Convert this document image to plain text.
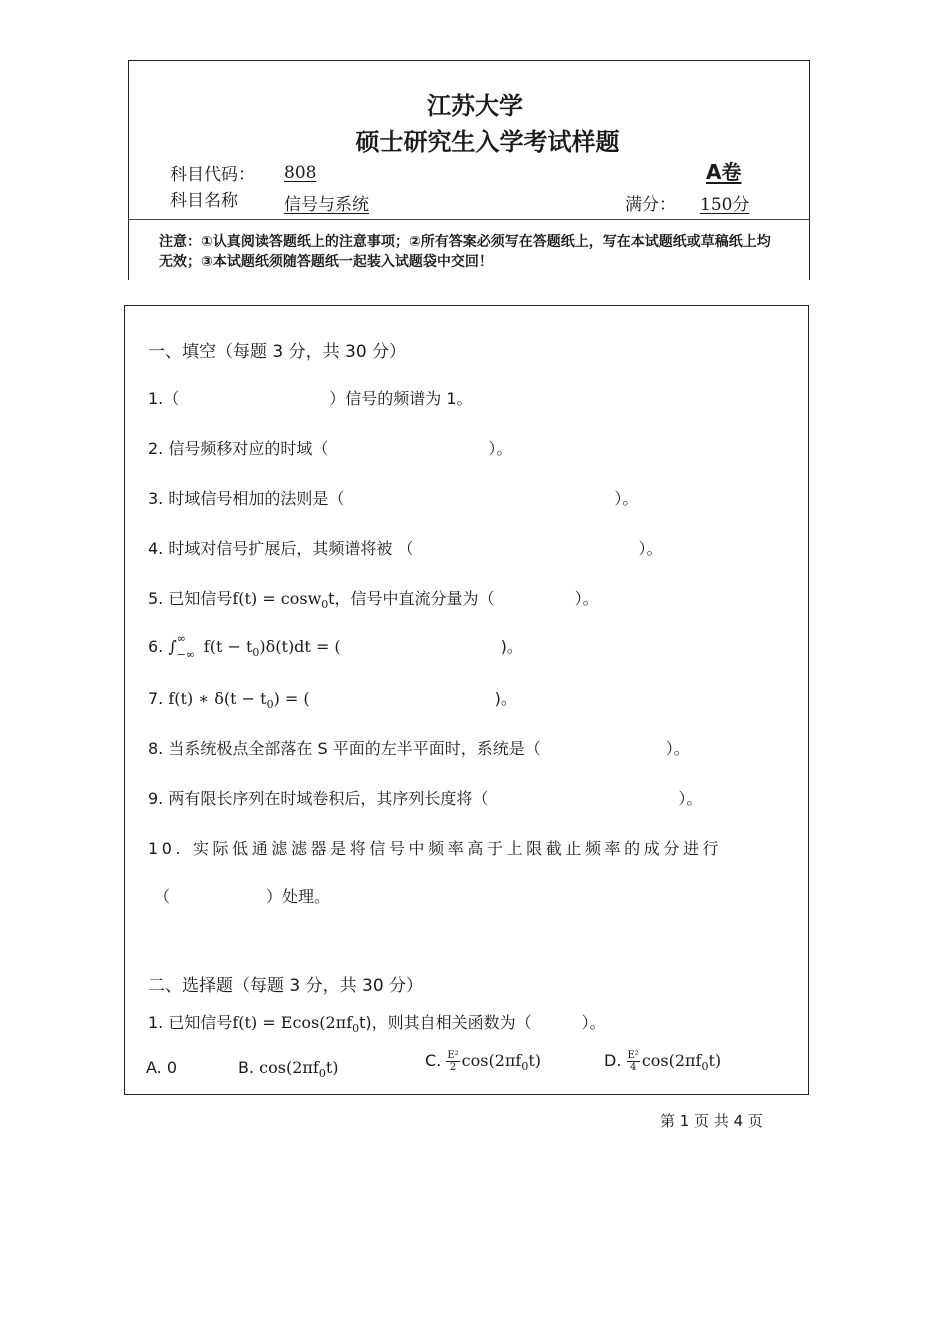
注意：①认真阅读答题纸上的注意事项；②所有答案必须写在答题纸上，写在本试题纸或草稿纸上均无效；③本试题纸须随答题纸一起装入试题袋中交回！

江苏大学
硕士研究生入学考试样题
科目代码： 808
科目名称	信号与系统
A卷
满分： 150分
一、填空（每题 3 分，共 30 分）
1.（	）信号的频谱为 1。
2. 信号频移对应的时域（	）。
3. 时域信号相加的法则是（	）。
4. 时域对信号扩展后，其频谱将被 （	）。
5. 已知信号f(t) = cosw$_0$t，信号中直流分量为（	）。
6. ∫ ∞
−∞ $f(t - t_0)\delta(t)dt$ = (	)。
7. f(t) ∗ $\delta(t - t_0)$ = (	)。
8. 当系统极点全部落在 S 平面的左半平面时，系统是（	）。
9. 两有限长序列在时域卷积后，其序列长度将（	）。
10. 实际低通滤滤器是将信号中频率高于上限截止频率的成分进行
（	）处理。
二、选择题（每题 3 分，共 30 分）
1. 已知信号$f(t) = Ecos(2\pi f_0t)$，则其自相关函数为（	）。
A. 0	B. $\cos(2\pi f_0t)$	C. $\frac{\text{E²}}{2} \cos(2\pi f_0t)$	D. $\frac{\text{E²}}{4} \cos(2\pi f_0t)$
第 1 页 共 4 页
